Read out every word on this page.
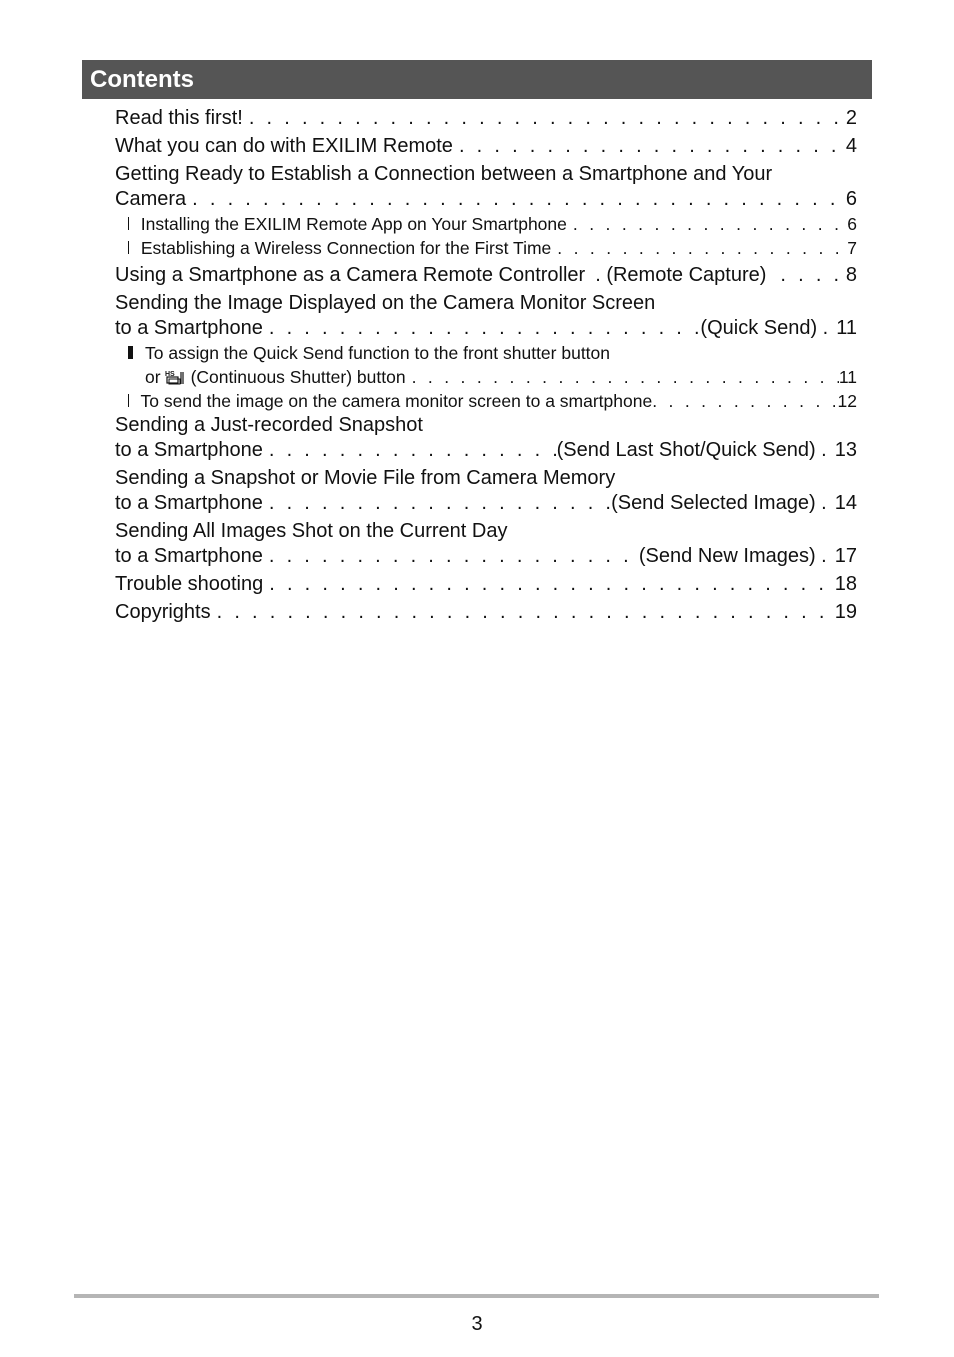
Contents
Read this first! . . .	2
What you can do with EXILIM Remote . . .	4
Getting Ready to Establish a Connection between a Smartphone and Your
Camera . . .	6
Installing the EXILIM Remote App on Your Smartphone . . .	6
Establishing a Wireless Connection for the First Time . . .	7
Using a Smartphone as a Camera Remote Controller . (Remote Capture) . . .	8
Sending the Image Displayed on the Camera Monitor Screen
to a Smartphone . . .	(Quick Send) . 11
To assign the Quick Send function to the front shutter button
or HS (Continuous Shutter) button . . .	11
To send the image on the camera monitor screen to a smartphone . . .	12
Sending a Just-recorded Snapshot
to a Smartphone . . .	(Send Last Shot/Quick Send) . 13
Sending a Snapshot or Movie File from Camera Memory
to a Smartphone . . .	(Send Selected Image) . 14
Sending All Images Shot on the Current Day
to a Smartphone . . .	(Send New Images) . 17
Trouble shooting . . .	18
Copyrights . . .	19
3
